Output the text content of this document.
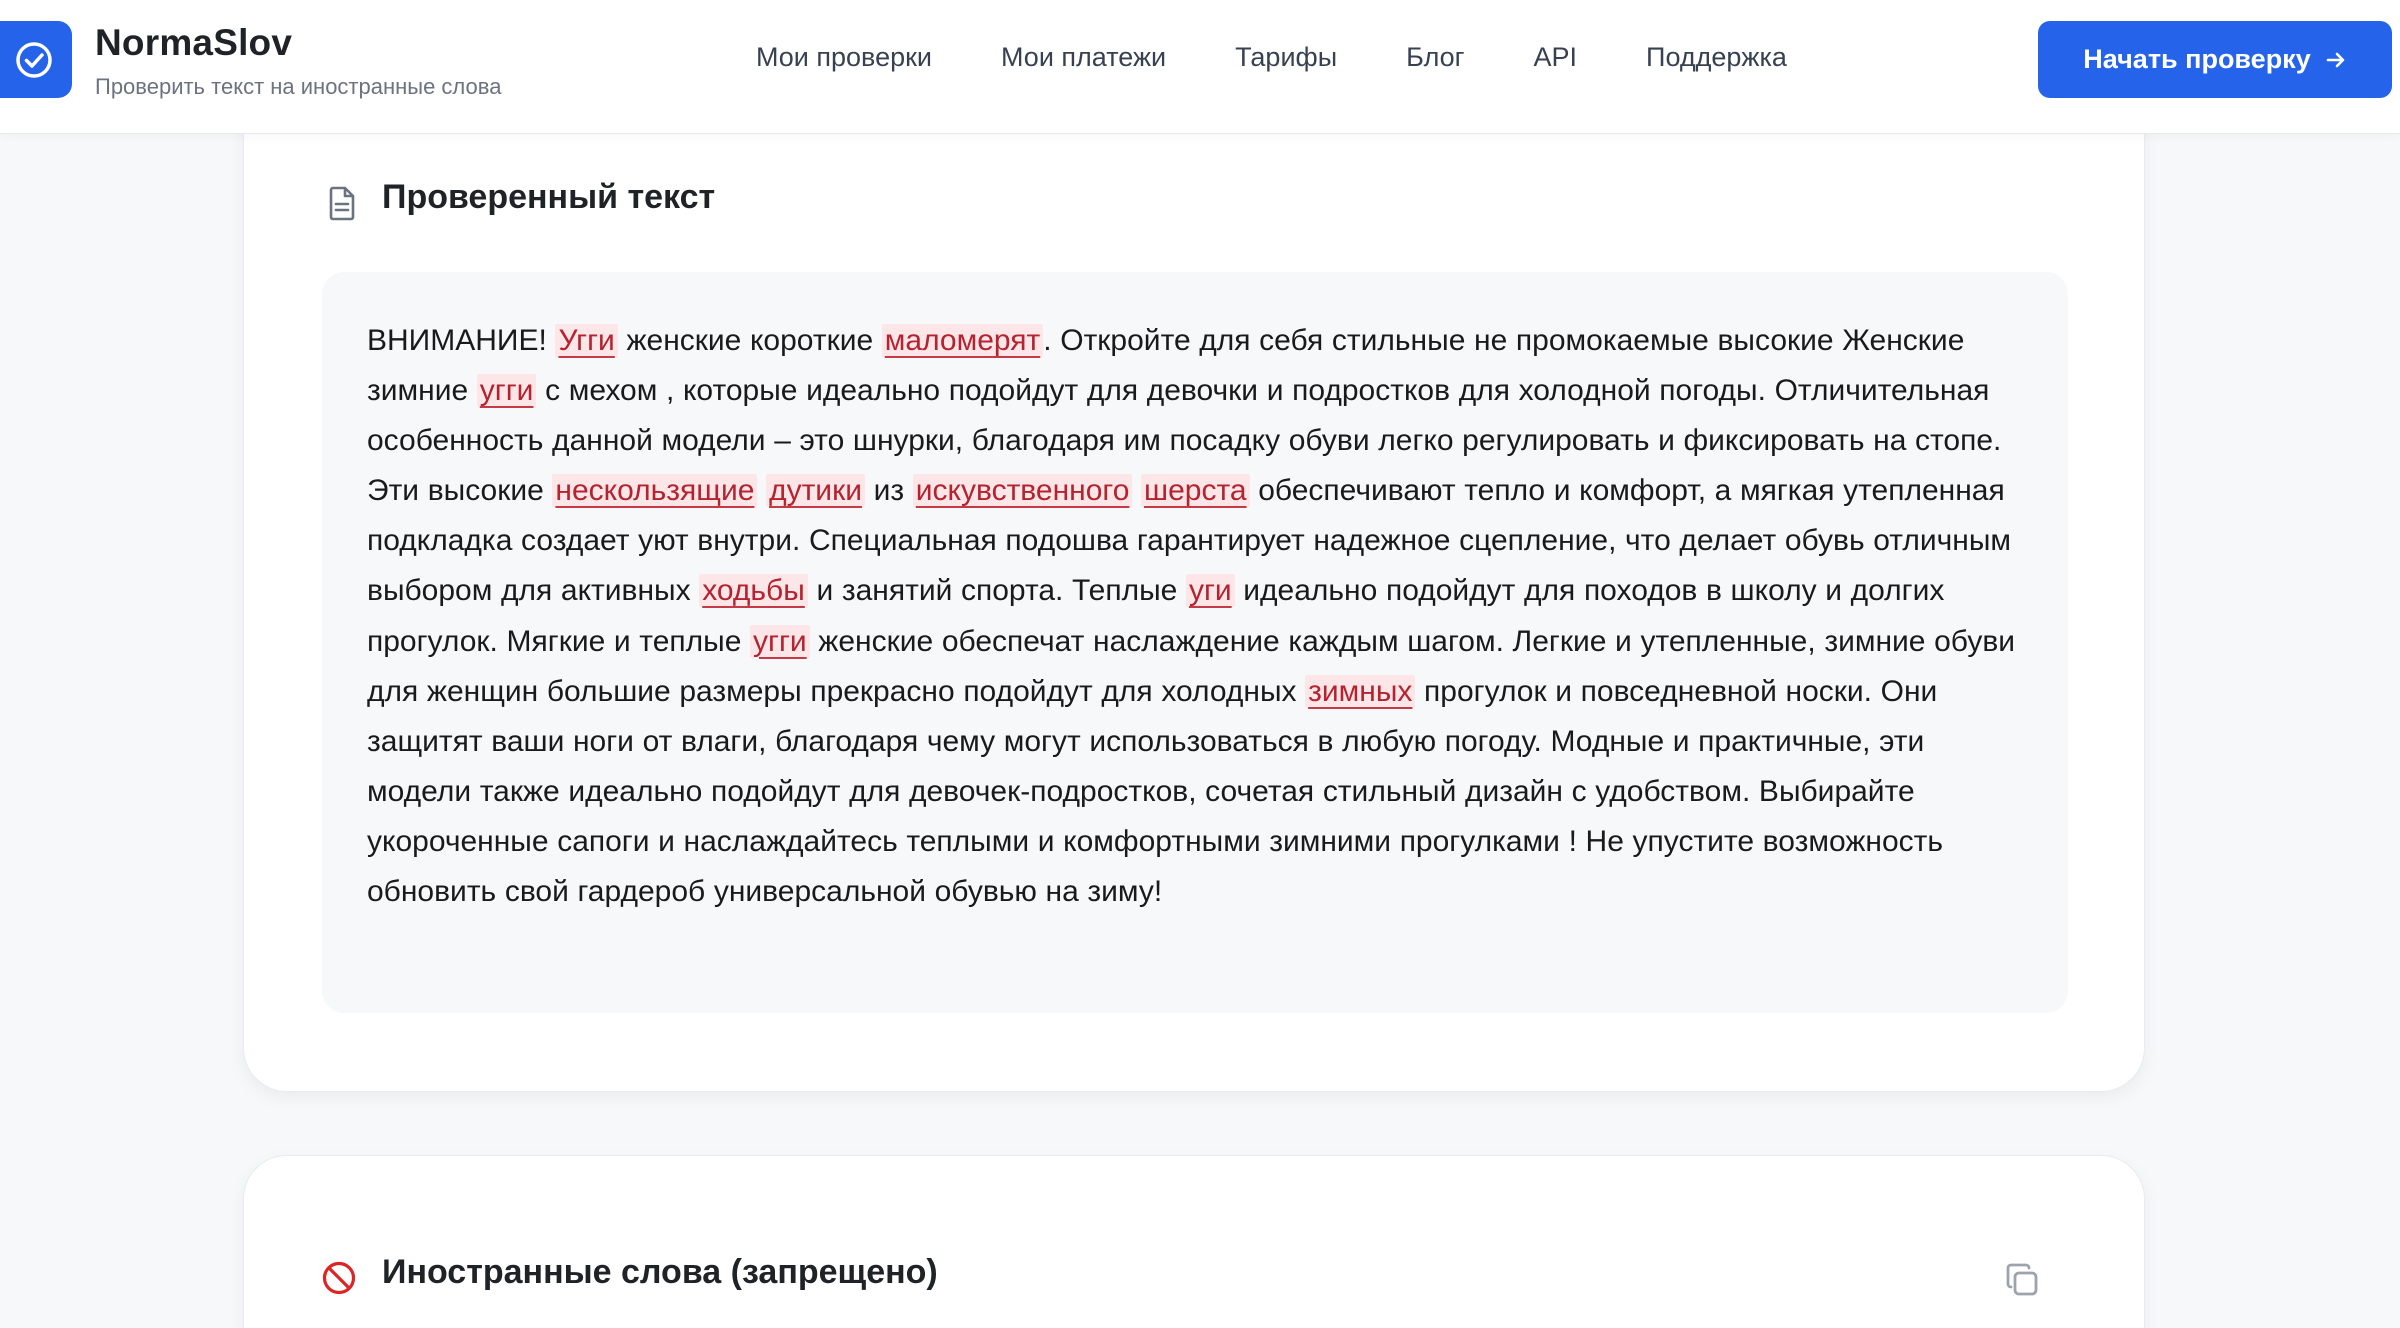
NormaSlov
Проверить текст на иностранные слова
Мои проверки	Мои платежи	Тарифы	Блог	API	Поддержка	Начать проверку
Проверенный текст

ВНИМАНИЕ! Угги женские короткие маломерят . Откройте для себя стильные не промокаемые высокие Женские зимние угги с мехом , которые идеально подойдут для девочки и подростков для холодной погоды. Отличительная особенность данной модели – это шнурки, благодаря им посадку обуви легко регулировать и фиксировать на стопе. Эти высокие нескользящие дутики из искувственного шерста обеспечивают тепло и комфорт, а мягкая утепленная подкладка создает уют внутри. Специальная подошва гарантирует надежное сцепление, что делает обувь отличным выбором для активных ходьбы и занятий спорта. Теплые уги идеально подойдут для походов в школу и долгих прогулок. Мягкие и теплые угги женские обеспечат наслаждение каждым шагом. Легкие и утепленные, зимние обуви для женщин большие размеры прекрасно подойдут для холодных зимных прогулок и повседневной носки. Они защитят ваши ноги от влаги, благодаря чему могут использоваться в любую погоду. Модные и практичные, эти модели также идеально подойдут для девочек-подростков, сочетая стильный дизайн с удобством. Выбирайте укороченные сапоги и наслаждайтесь теплыми и комфортными зимними прогулками ! Не упустите возможность обновить свой гардероб универсальной обувью на зиму!

Иностранные слова (запрещено)
